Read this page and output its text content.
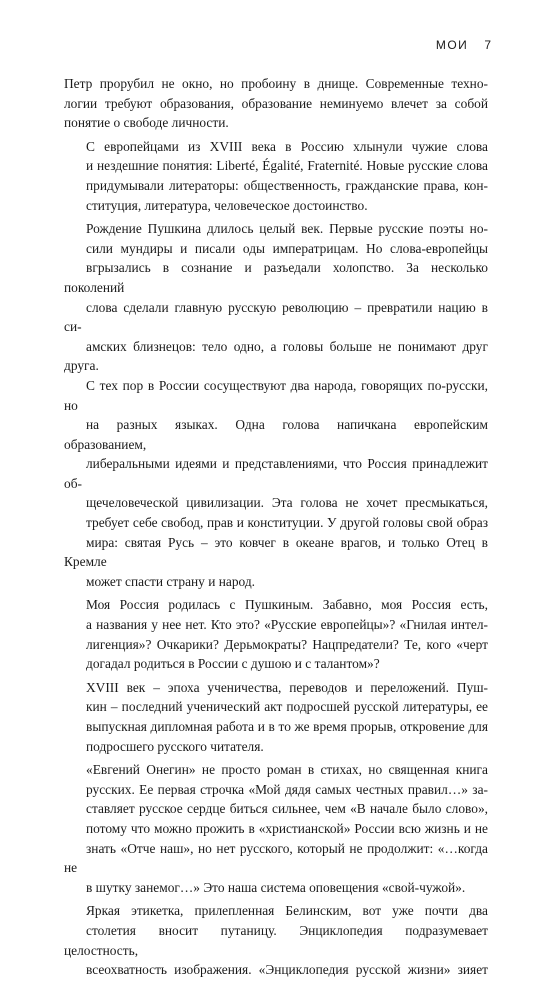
МОИ 7

Петр прорубил не окно, но пробоину в днище. Современные техно-
логии требуют образования, образование неминуемо влечет за собой
понятие о свободе личности.

С европейцами из XVIII века в Россию хлынули чужие слова
и нездешние понятия: Liberté, Égalité, Fraternité. Новые русские слова
придумывали литераторы: общественность, гражданские права, кон-
ституция, литература, человеческое достоинство.

Рождение Пушкина длилось целый век. Первые русские поэты но-
сили мундиры и писали оды императрицам. Но слова-европейцы
вгрызались в сознание и разъедали холопство. За несколько поколений
слова сделали главную русскую революцию – превратили нацию в си-
амских близнецов: тело одно, а головы больше не понимают друг друга.
С тех пор в России сосуществуют два народа, говорящих по-русски, но
на разных языках. Одна голова напичкана европейским образованием,
либеральными идеями и представлениями, что Россия принадлежит об-
щечеловеческой цивилизации. Эта голова не хочет пресмыкаться,
требует себе свобод, прав и конституции. У другой головы свой образ
мира: святая Русь – это ковчег в океане врагов, и только Отец в Кремле
может спасти страну и народ.

Моя Россия родилась с Пушкиным. Забавно, моя Россия есть,
а названия у нее нет. Кто это? «Русские европейцы»? «Гнилая интел-
лигенция»? Очкарики? Дерьмократы? Нацпредатели? Те, кого «черт
догадал родиться в России с душою и с талантом»?

XVIII век – эпоха ученичества, переводов и переложений. Пуш-
кин – последний ученический акт подросшей русской литературы, ее
выпускная дипломная работа и в то же время прорыв, откровение для
подросшего русского читателя.

«Евгений Онегин» не просто роман в стихах, но священная книга
русских. Ее первая строчка «Мой дядя самых честных правил…» за-
ставляет русское сердце биться сильнее, чем «В начале было слово»,
потому что можно прожить в «христианской» России всю жизнь и не
знать «Отче наш», но нет русского, который не продолжит: «…когда не
в шутку занемог…» Это наша система оповещения «свой-чужой».

Яркая этикетка, прилепленная Белинским, вот уже почти два
столетия вносит путаницу. Энциклопедия подразумевает целостность,
всеохватность изображения. «Энциклопедия русской жизни» зияет
